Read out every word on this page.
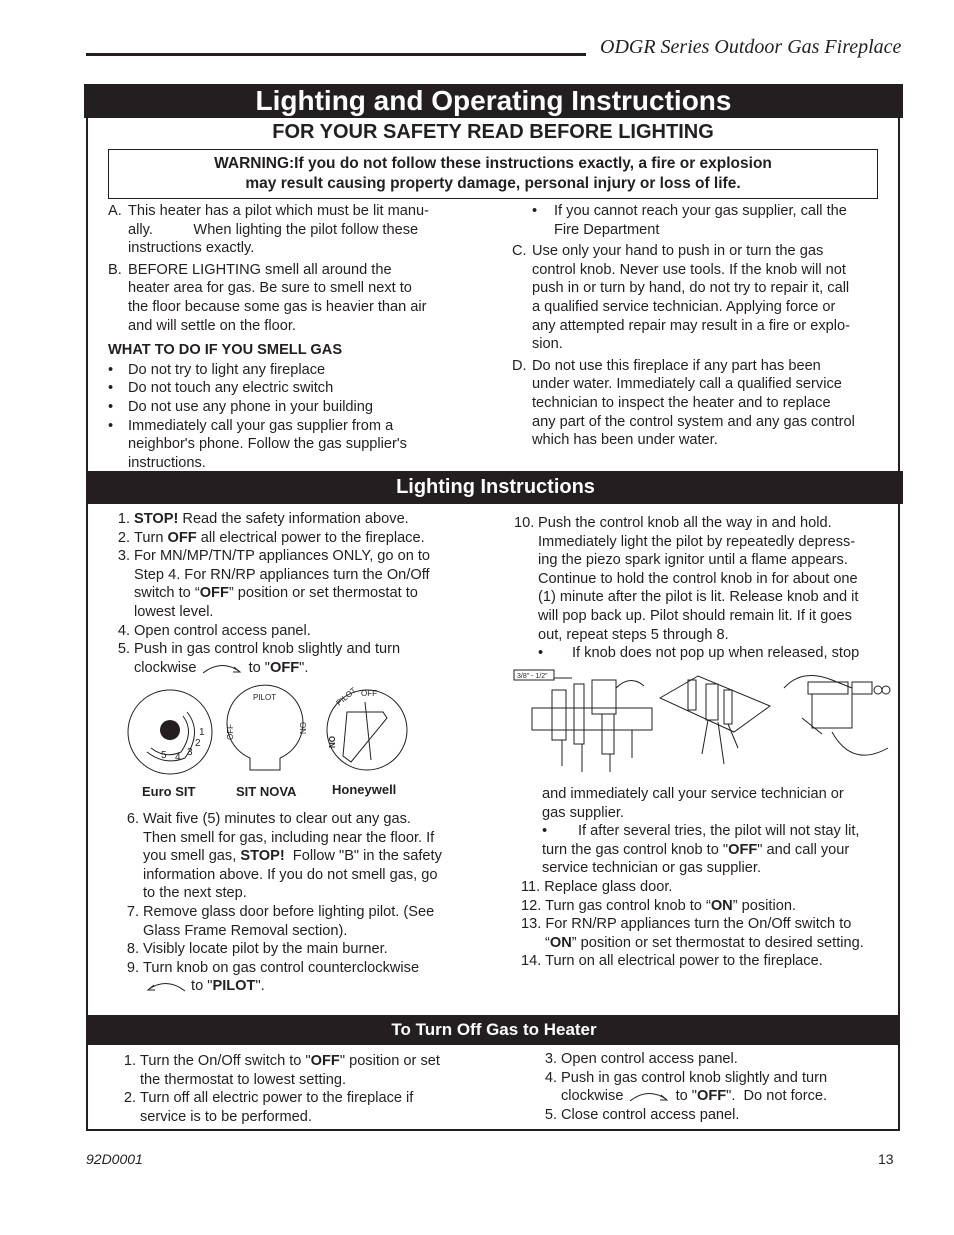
ODGR Series Outdoor Gas Fireplace
Lighting and Operating Instructions
FOR YOUR SAFETY READ BEFORE LIGHTING
WARNING:If you do not follow these instructions exactly, a fire or explosion
may result causing property damage, personal injury or loss of life.
A. This heater has a pilot which must be lit manu-
ally.          When lighting the pilot follow these
instructions exactly.
B. BEFORE LIGHTING smell all around the
heater area for gas. Be sure to smell next to
the floor because some gas is heavier than air
and will settle on the floor.
WHAT TO DO IF YOU SMELL GAS
• Do not try to light any fireplace
• Do not touch any electric switch
• Do not use any phone in your building
• Immediately call your gas supplier from a
neighbor's phone. Follow the gas supplier's
instructions.
• If you cannot reach your gas supplier, call the
Fire Department
C. Use only your hand to push in or turn the gas
control knob. Never use tools. If the knob will not
push in or turn by hand, do not try to repair it, call
a qualified service technician. Applying force or
any attempted repair may result in a fire or explo-
sion.
D. Do not use this fireplace if any part has been
under water. Immediately call a qualified service
technician to inspect the heater and to replace
any part of the control system and any gas control
which has been under water.
Lighting Instructions
1. STOP! Read the safety information above.
2. Turn OFF all electrical power to the fireplace.
3. For MN/MP/TN/TP appliances ONLY, go on to
Step 4. For RN/RP appliances turn the On/Off
switch to “OFF” position or set thermostat to
lowest level.
4. Open control access panel.
5. Push in gas control knob slightly and turn
clockwise	to "OFF".
1
2
3
4
5
PILOT
OFF	ON
OFF
PILOT
ON
Euro SIT	SIT NOVA	Honeywell
6. Wait five (5) minutes to clear out any gas.
Then smell for gas, including near the floor. If
you smell gas, STOP!  Follow "B" in the safety
information above. If you do not smell gas, go
to the next step.
7. Remove glass door before lighting pilot. (See
Glass Frame Removal section).
8. Visibly locate pilot by the main burner.
9. Turn knob on gas control counterclockwise
to "PILOT".
10. Push the control knob all the way in and hold.
Immediately light the pilot by repeatedly depress-
ing the piezo spark ignitor until a flame appears.
Continue to hold the control knob in for about one
(1) minute after the pilot is lit. Release knob and it
will pop back up. Pilot should remain lit. If it goes
out, repeat steps 5 through 8.
• If knob does not pop up when released, stop
3/8" - 1/2"
and immediately call your service technician or
gas supplier.
• If after several tries, the pilot will not stay lit,
turn the gas control knob to "OFF" and call your
service technician or gas supplier.
11. Replace glass door.
12. Turn gas control knob to “ON” position.
13. For RN/RP appliances turn the On/Off switch to
“ON” position or set thermostat to desired setting.
14. Turn on all electrical power to the fireplace.
To Turn Off Gas to Heater
1. Turn the On/Off switch to "OFF" position or set
the thermostat to lowest setting.
2. Turn off all electric power to the fireplace if
service is to be performed.
3. Open control access panel.
4. Push in gas control knob slightly and turn
clockwise	to "OFF".  Do not force.
5. Close control access panel.
92D0001	13
